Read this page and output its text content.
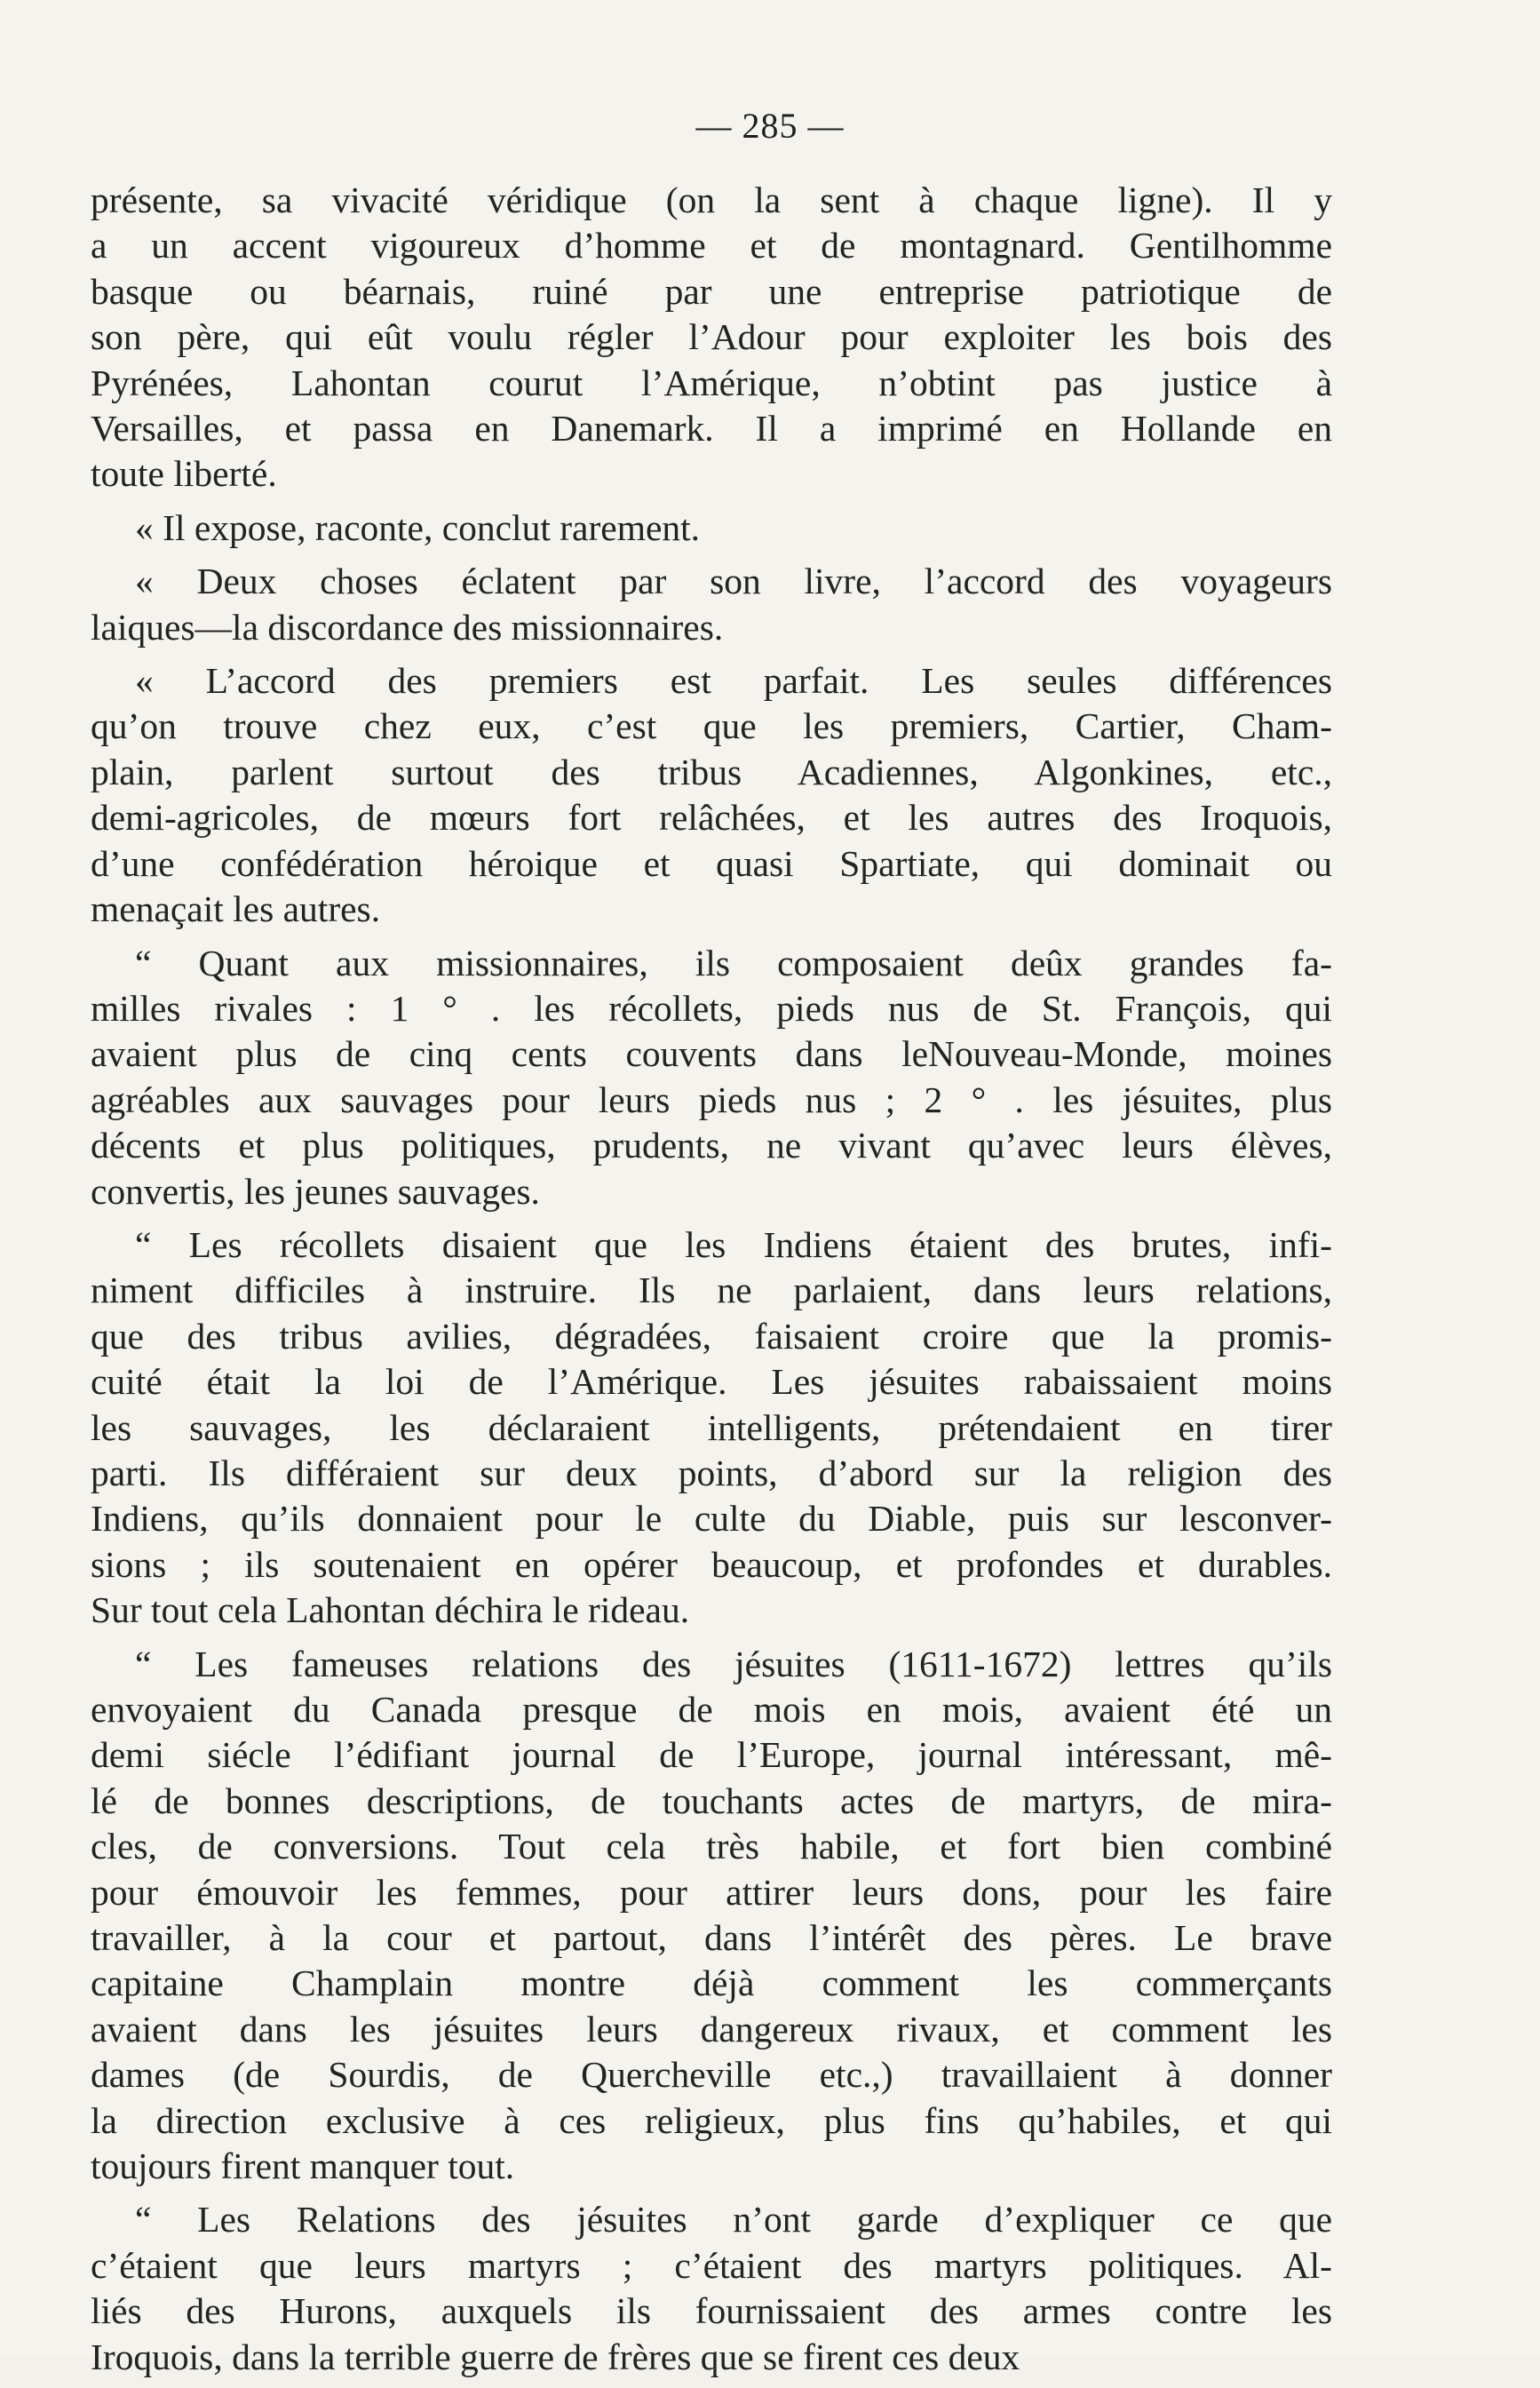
— 285 —
présente, sa vivacité véridique (on la sent à chaque ligne). Il y
a un accent vigoureux d’homme et de montagnard. Gentilhomme
basque ou béarnais, ruiné par une entreprise patriotique de
son père, qui eût voulu régler l’Adour pour exploiter les bois des
Pyrénées, Lahontan courut l’Amérique, n’obtint pas justice à
Versailles, et passa en Danemark. Il a imprimé en Hollande en
toute liberté.
« Il expose, raconte, conclut rarement.
« Deux choses éclatent par son livre, l’accord des voyageurs
laiques—la discordance des missionnaires.
« L’accord des premiers est parfait. Les seules différences
qu’on trouve chez eux, c’est que les premiers, Cartier, Cham-
plain, parlent surtout des tribus Acadiennes, Algonkines, etc.,
demi-agricoles, de mœurs fort relâchées, et les autres des Iroquois,
d’une confédération héroique et quasi Spartiate, qui dominait ou
menaçait les autres.
“ Quant aux missionnaires, ils composaient deûx grandes fa-
milles rivales : 1 ° . les récollets, pieds nus de St. François, qui
avaient plus de cinq cents couvents dans leNouveau-Monde, moines
agréables aux sauvages pour leurs pieds nus ; 2 ° . les jésuites, plus
décents et plus politiques, prudents, ne vivant qu’avec leurs élèves,
convertis, les jeunes sauvages.
“ Les récollets disaient que les Indiens étaient des brutes, infi-
niment difficiles à instruire. Ils ne parlaient, dans leurs relations,
que des tribus avilies, dégradées, faisaient croire que la promis-
cuité était la loi de l’Amérique. Les jésuites rabaissaient moins
les sauvages, les déclaraient intelligents, prétendaient en tirer
parti. Ils différaient sur deux points, d’abord sur la religion des
Indiens, qu’ils donnaient pour le culte du Diable, puis sur lesconver-
sions ; ils soutenaient en opérer beaucoup, et profondes et durables.
Sur tout cela Lahontan déchira le rideau.
“ Les fameuses relations des jésuites (1611-1672) lettres qu’ils
envoyaient du Canada presque de mois en mois, avaient été un
demi siécle l’édifiant journal de l’Europe, journal intéressant, mê-
lé de bonnes descriptions, de touchants actes de martyrs, de mira-
cles, de conversions. Tout cela très habile, et fort bien combiné
pour émouvoir les femmes, pour attirer leurs dons, pour les faire
travailler, à la cour et partout, dans l’intérêt des pères. Le brave
capitaine Champlain montre déjà comment les commerçants
avaient dans les jésuites leurs dangereux rivaux, et comment les
dames (de Sourdis, de Quercheville etc.,) travaillaient à donner
la direction exclusive à ces religieux, plus fins qu’habiles, et qui
toujours firent manquer tout.
“ Les Relations des jésuites n’ont garde d’expliquer ce que
c’étaient que leurs martyrs ; c’étaient des martyrs politiques. Al-
liés des Hurons, auxquels ils fournissaient des armes contre les
Iroquois, dans la terrible guerre de frères que se firent ces deux
